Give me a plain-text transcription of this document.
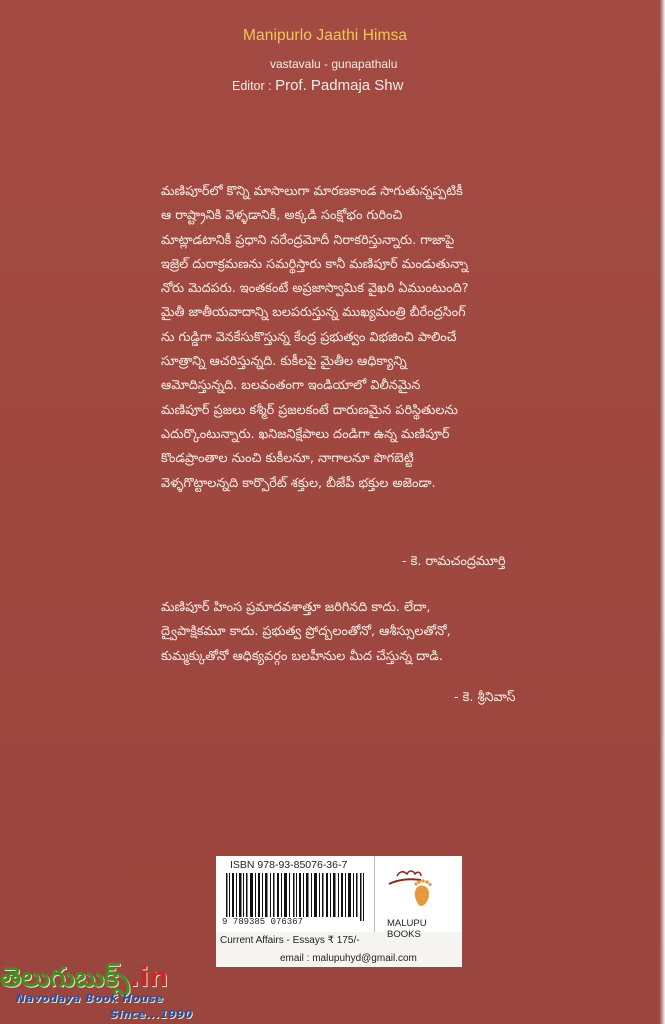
Manipurlo Jaathi Himsa
vastavalu - gunapathalu
Editor : Prof. Padmaja Shw
మణిపూర్‌లో కొన్ని మాసాలుగా మారణకాండ సాగుతున్నప్పటికీ
ఆ రాష్ట్రానికి వెళ్ళడానికీ, అక్కడి సంక్షోభం గురించి
మాట్లాడటానికీ ప్రధాని నరేంద్రమోదీ నిరాకరిస్తున్నారు. గాజాపై
ఇజ్రెల్ దురాక్రమణను సమర్థిస్తారు కానీ మణిపూర్ మండుతున్నా
నోరు మెదపరు. ఇంతకంటే అప్రజాస్వామిక వైఖరి ఏముంటుంది?
మైతీ జాతీయవాదాన్ని బలపరుస్తున్న ముఖ్యమంత్రి బీరేంద్రసింగ్
ను గుడ్డిగా వెనకేసుకొస్తున్న కేంద్ర ప్రభుత్వం విభజించి పాలించే
సూత్రాన్ని ఆచరిస్తున్నది. కుకీలపై మైతీల ఆధిక్యాన్ని
ఆమోదిస్తున్నది. బలవంతంగా ఇండియాలో విలీనమైన
మణిపూర్ ప్రజలు కశ్మీర్ ప్రజలకంటే దారుణమైన పరిస్థితులను
ఎదుర్కొంటున్నారు. ఖనిజనిక్షేపాలు దండిగా ఉన్న మణిపూర్
కొండప్రాంతాల నుంచి కుకీలనూ, నాగాలనూ పొగబెట్టి
వెళ్ళగొట్టాలన్నది కార్పొరేట్ శక్తుల, బీజేపీ భక్తుల అజెండా.
- కె. రామచంద్రమూర్తి
మణిపూర్ హింస ప్రమాదవశాత్తూ జరిగినది కాదు. లేదా,
ద్వైపాక్షికమూ కాదు. ప్రభుత్వ ప్రోద్బలంతోనో, ఆశీస్సులతోనో,
కుమ్మక్కుతోనో ఆధిక్యవర్గం బలహీనుల మీద చేస్తున్న దాడి.
- కె. శ్రీనివాస్
ISBN 978-93-85076-36-7
9 789385 076367	MALUPU BOOKS
Current Affairs - Essays ₹ 175/-
email : malupuhyd@gmail.com
తెలుగుబుక్స్.in
Navodaya Book House
Since...1990
